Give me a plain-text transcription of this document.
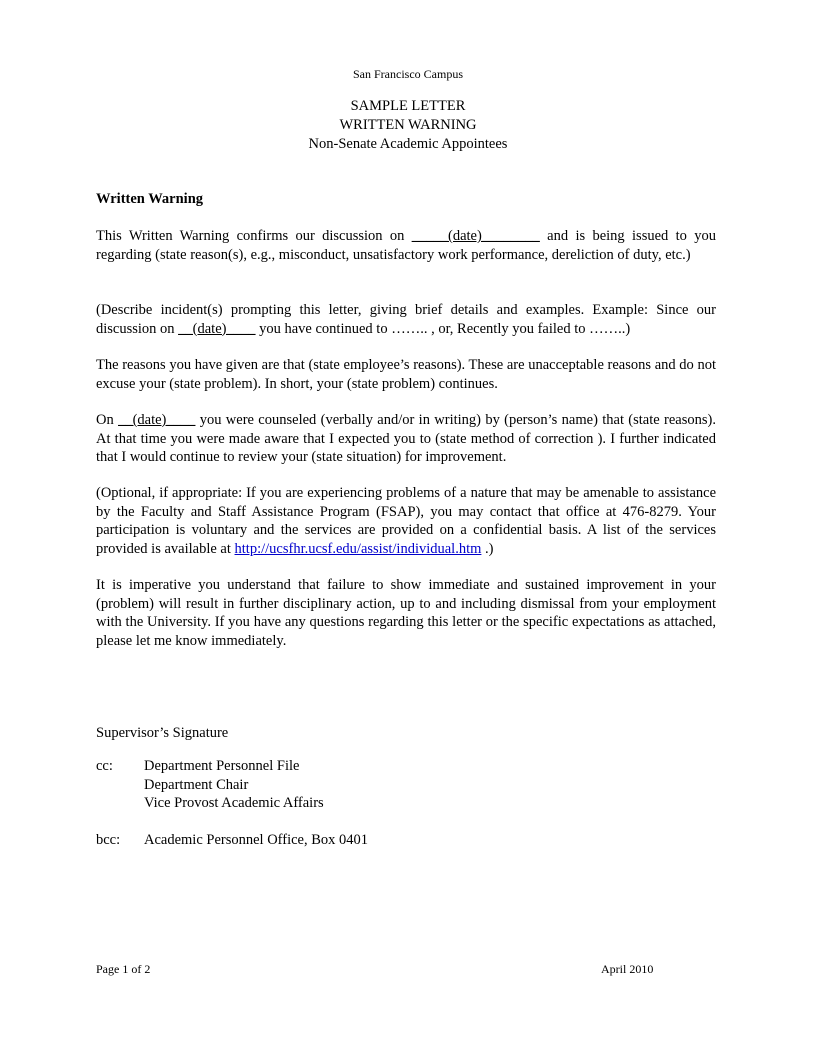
San Francisco Campus
SAMPLE LETTER
WRITTEN WARNING
Non-Senate Academic Appointees
Written Warning

This Written Warning confirms our discussion on _____(date)________ and is being issued to you regarding (state reason(s), e.g., misconduct, unsatisfactory work performance, dereliction of duty, etc.)

(Describe incident(s) prompting this letter, giving brief details and examples. Example: Since our discussion on __(date)____ you have continued to …….. , or, Recently you failed to ……..)

The reasons you have given are that (state employee’s reasons). These are unacceptable reasons and do not excuse your (state problem). In short, your (state problem) continues.

On __(date)____ you were counseled (verbally and/or in writing) by (person’s name) that (state reasons). At that time you were made aware that I expected you to (state method of correction ). I further indicated that I would continue to review your (state situation) for improvement.

(Optional, if appropriate: If you are experiencing problems of a nature that may be amenable to assistance by the Faculty and Staff Assistance Program (FSAP), you may contact that office at 476-8279. Your participation is voluntary and the services are provided on a confidential basis. A list of the services provided is available at http://ucsfhr.ucsf.edu/assist/individual.htm .)

It is imperative you understand that failure to show immediate and sustained improvement in your (problem) will result in further disciplinary action, up to and including dismissal from your employment with the University. If you have any questions regarding this letter or the specific expectations as attached, please let me know immediately.

Supervisor’s Signature
cc: Department Personnel File
Department Chair
Vice Provost Academic Affairs
bcc: Academic Personnel Office, Box 0401
Page 1 of 2	April 2010
